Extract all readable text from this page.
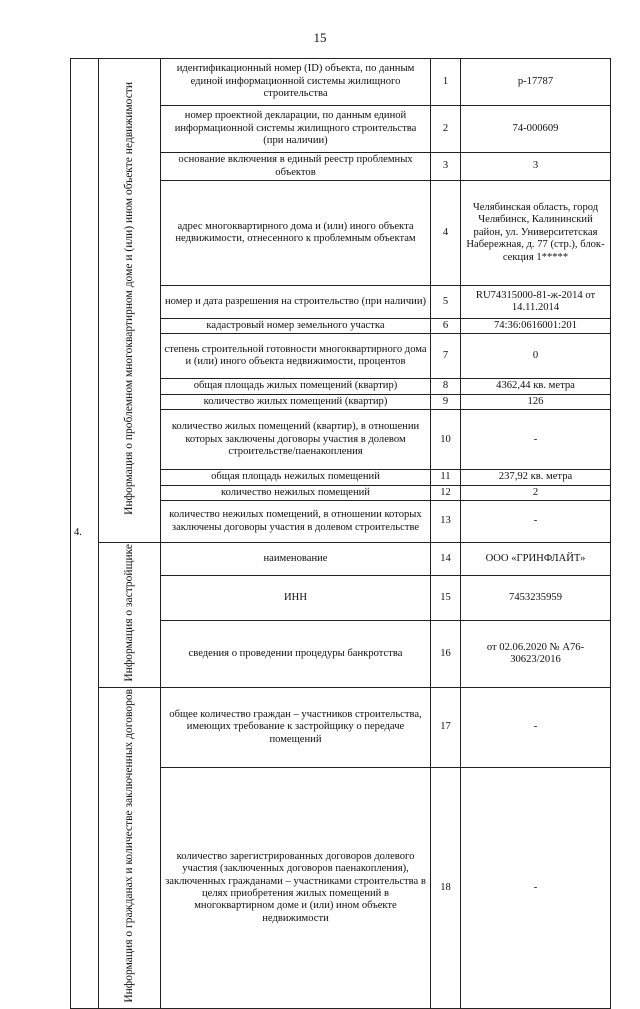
15
4.	Информация о проблемном многоквартирном доме и (или) ином объекте недвижимости	идентификационный номер (ID) объекта, по данным единой информационной системы жилищного строительства	1	р-17787
		номер проектной декларации, по данным единой информационной системы жилищного строительства (при наличии)	2	74-000609
		основание включения в единый реестр проблемных объектов	3	3
		адрес многоквартирного дома и (или) иного объекта недвижимости, отнесенного к проблемным объектам	4	Челябинская область, город Челябинск, Калининский район, ул. Университетская Набережная, д. 77 (стр.), блок-секция 1*****
		номер и дата разрешения на строительство (при наличии)	5	RU74315000-81-ж-2014 от 14.11.2014
		кадастровый номер земельного участка	6	74:36:0616001:201
		степень строительной готовности многоквартирного дома и (или) иного объекта недвижимости, процентов	7	0
		общая площадь жилых помещений (квартир)	8	4362,44 кв. метра
		количество жилых помещений (квартир)	9	126
		количество жилых помещений (квартир), в отношении которых заключены договоры участия в долевом строительстве/паенакопления	10	-
		общая площадь нежилых помещений	11	237,92 кв. метра
		количество нежилых помещений	12	2
		количество нежилых помещений, в отношении которых заключены договоры участия в долевом строительстве	13	-
	Информация о застройщике	наименование	14	ООО «ГРИНФЛАЙТ»
		ИНН	15	7453235959
		сведения о проведении процедуры банкротства	16	от 02.06.2020 № А76-30623/2016
	Информация о гражданах и количестве заключенных договоров	общее количество граждан – участников строительства, имеющих требование к застройщику о передаче помещений	17	-
		количество зарегистрированных договоров долевого участия (заключенных договоров паенакопления), заключенных гражданами – участниками строительства в целях приобретения жилых помещений в многоквартирном доме и (или) ином объекте недвижимости	18	-
